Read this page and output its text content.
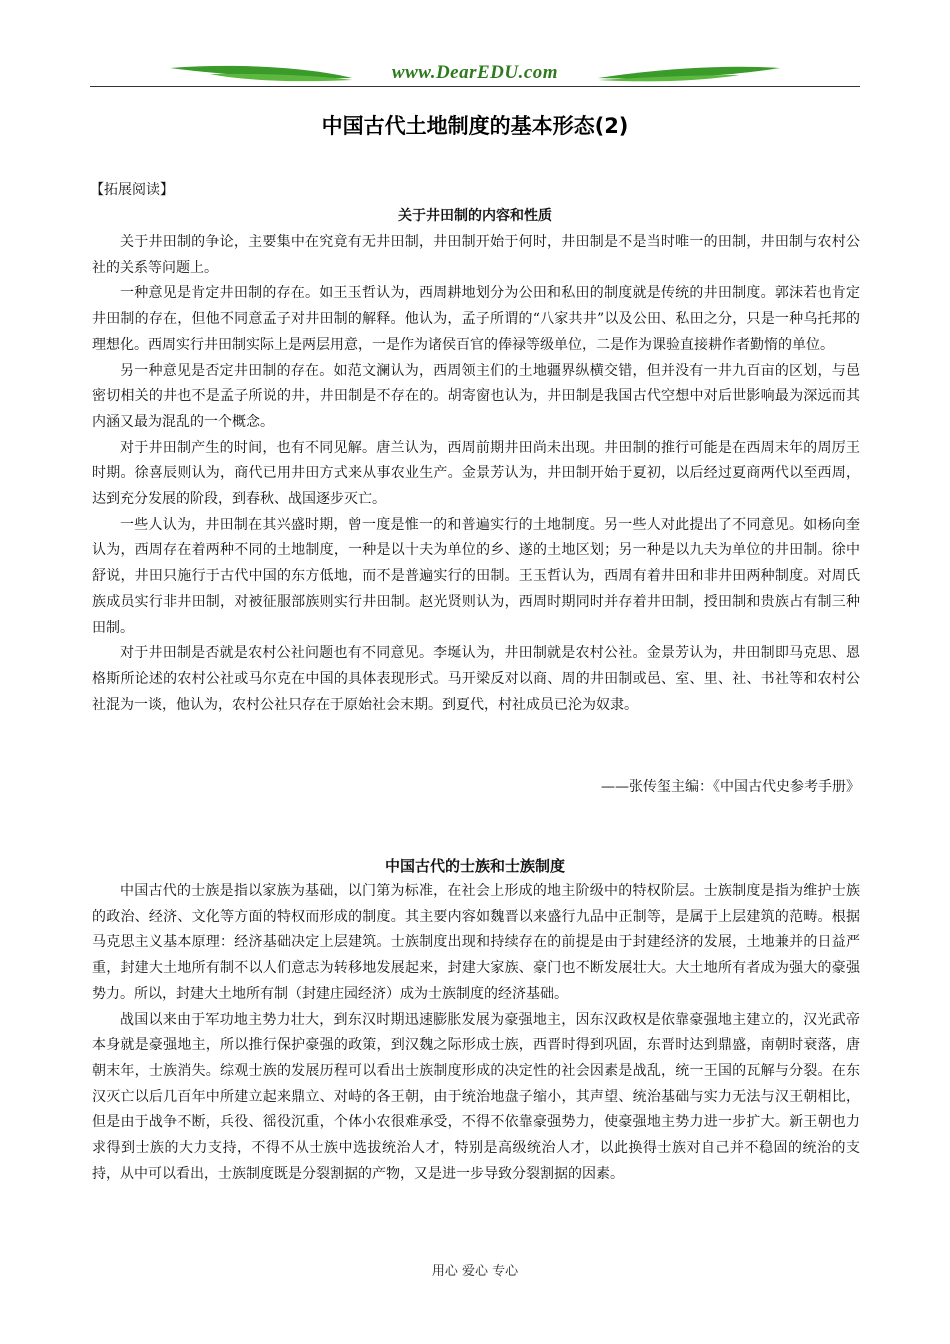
www.DearEDU.com
中国古代土地制度的基本形态(2)
【拓展阅读】
关于井田制的内容和性质

关于井田制的争论，主要集中在究竟有无井田制，井田制开始于何时，井田制是不是当时唯一的田制，井田制与农村公社的关系等问题上。

一种意见是肯定井田制的存在。如王玉哲认为，西周耕地划分为公田和私田的制度就是传统的井田制度。郭沫若也肯定井田制的存在，但他不同意孟子对井田制的解释。他认为，孟子所谓的“八家共井”以及公田、私田之分，只是一种乌托邦的理想化。西周实行井田制实际上是两层用意，一是作为诸侯百官的俸禄等级单位，二是作为课验直接耕作者勤惰的单位。

另一种意见是否定井田制的存在。如范文澜认为，西周领主们的土地疆界纵横交错，但并没有一井九百亩的区划，与邑密切相关的井也不是孟子所说的井，井田制是不存在的。胡寄窗也认为，井田制是我国古代空想中对后世影响最为深远而其内涵又最为混乱的一个概念。

对于井田制产生的时间，也有不同见解。唐兰认为，西周前期井田尚未出现。井田制的推行可能是在西周末年的周厉王时期。徐喜辰则认为，商代已用井田方式来从事农业生产。金景芳认为，井田制开始于夏初，以后经过夏商两代以至西周，达到充分发展的阶段，到春秋、战国逐步灭亡。

一些人认为，井田制在其兴盛时期，曾一度是惟一的和普遍实行的土地制度。另一些人对此提出了不同意见。如杨向奎认为，西周存在着两种不同的土地制度，一种是以十夫为单位的乡、遂的土地区划；另一种是以九夫为单位的井田制。徐中舒说，井田只施行于古代中国的东方低地，而不是普遍实行的田制。王玉哲认为，西周有着井田和非井田两种制度。对周氏族成员实行非井田制，对被征服部族则实行井田制。赵光贤则认为，西周时期同时并存着井田制，授田制和贵族占有制三种田制。

对于井田制是否就是农村公社问题也有不同意见。李埏认为，井田制就是农村公社。金景芳认为，井田制即马克思、恩格斯所论述的农村公社或马尔克在中国的具体表现形式。马开梁反对以商、周的井田制或邑、室、里、社、书社等和农村公社混为一谈，他认为，农村公社只存在于原始社会末期。到夏代，村社成员已沦为奴隶。

——张传玺主编：《中国古代史参考手册》
中国古代的士族和士族制度

中国古代的士族是指以家族为基础，以门第为标准，在社会上形成的地主阶级中的特权阶层。士族制度是指为维护士族的政治、经济、文化等方面的特权而形成的制度。其主要内容如魏晋以来盛行九品中正制等，是属于上层建筑的范畴。根据马克思主义基本原理：经济基础决定上层建筑。士族制度出现和持续存在的前提是由于封建经济的发展，土地兼并的日益严重，封建大土地所有制不以人们意志为转移地发展起来，封建大家族、豪门也不断发展壮大。大土地所有者成为强大的豪强势力。所以，封建大土地所有制（封建庄园经济）成为士族制度的经济基础。

战国以来由于军功地主势力壮大，到东汉时期迅速膨胀发展为豪强地主，因东汉政权是依靠豪强地主建立的，汉光武帝本身就是豪强地主，所以推行保护豪强的政策，到汉魏之际形成士族，西晋时得到巩固，东晋时达到鼎盛，南朝时衰落，唐朝末年，士族消失。综观士族的发展历程可以看出士族制度形成的决定性的社会因素是战乱，统一王国的瓦解与分裂。在东汉灭亡以后几百年中所建立起来鼎立、对峙的各王朝，由于统治地盘子缩小，其声望、统治基础与实力无法与汉王朝相比，但是由于战争不断，兵役、徭役沉重，个体小农很难承受，不得不依靠豪强势力，使豪强地主势力进一步扩大。新王朝也力求得到士族的大力支持，不得不从士族中选拔统治人才，特别是高级统治人才，以此换得士族对自己并不稳固的统治的支持，从中可以看出，士族制度既是分裂割据的产物，又是进一步导致分裂割据的因素。

用心 爱心 专心
